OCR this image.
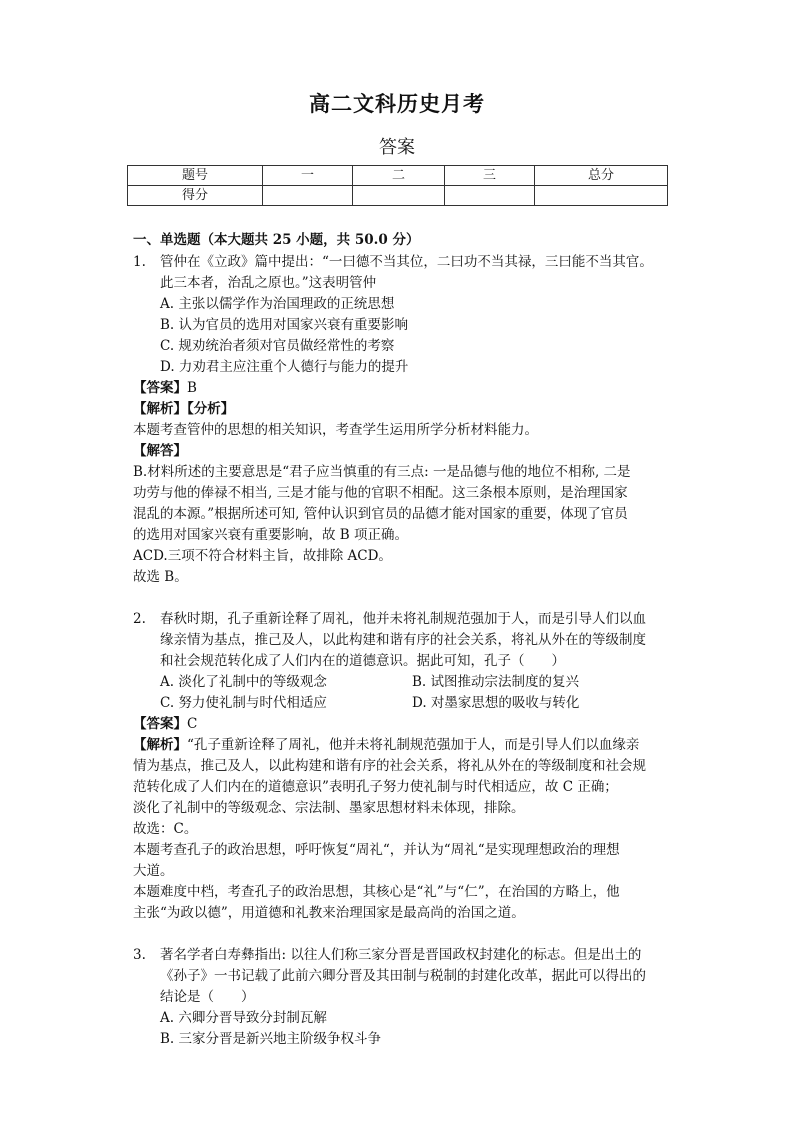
高二文科历史月考
答案
题号	一	二	三	总分
得分				
一、单选题（本大题共 25 小题，共 50.0 分）
1. 管仲在《立政》篇中提出：“一曰德不当其位，二曰功不当其禄，三曰能不当其官。
此三本者，治乱之原也。”这表明管仲
A. 主张以儒学作为治国理政的正统思想
B. 认为官员的选用对国家兴衰有重要影响
C. 规劝统治者须对官员做经常性的考察
D. 力劝君主应注重个人德行与能力的提升
【答案】B
【解析】【分析】
本题考查管仲的思想的相关知识，考查学生运用所学分析材料能力。
【解答】
B.材料所述的主要意思是“君子应当慎重的有三点: 一是品德与他的地位不相称, 二是
功劳与他的俸禄不相当, 三是才能与他的官职不相配。这三条根本原则，是治理国家
混乱的本源。”根据所述可知, 管仲认识到官员的品德才能对国家的重要，体现了官员
的选用对国家兴衰有重要影响，故 B 项正确。
ACD.三项不符合材料主旨，故排除 ACD。
故选 B。
2. 春秋时期，孔子重新诠释了周礼，他并未将礼制规范强加于人，而是引导人们以血
缘亲情为基点，推己及人，以此构建和谐有序的社会关系，将礼从外在的等级制度
和社会规范转化成了人们内在的道德意识。据此可知，孔子（　　）
A. 淡化了礼制中的等级观念	B. 试图推动宗法制度的复兴
C. 努力使礼制与时代相适应	D. 对墨家思想的吸收与转化
【答案】C
【解析】“孔子重新诠释了周礼，他并未将礼制规范强加于人，而是引导人们以血缘亲
情为基点，推己及人，以此构建和谐有序的社会关系，将礼从外在的等级制度和社会规
范转化成了人们内在的道德意识”表明孔子努力使礼制与时代相适应，故 C 正确；
淡化了礼制中的等级观念、宗法制、墨家思想材料未体现，排除。
故选：C。
本题考查孔子的政治思想，呼吁恢复“周礼“，并认为“周礼“是实现理想政治的理想
大道。
本题难度中档，考查孔子的政治思想，其核心是“礼”与“仁”，在治国的方略上，他
主张“为政以德”，用道德和礼教来治理国家是最高尚的治国之道。
3. 著名学者白寿彝指出: 以往人们称三家分晋是晋国政权封建化的标志。但是出土的
《孙子》一书记载了此前六卿分晋及其田制与税制的封建化改革，据此可以得出的
结论是（　　）
A. 六卿分晋导致分封制瓦解
B. 三家分晋是新兴地主阶级争权斗争
